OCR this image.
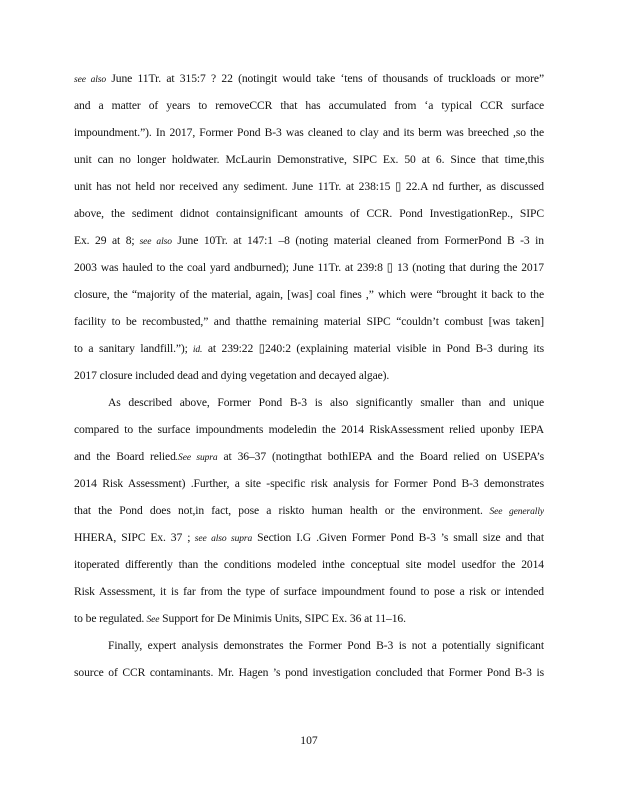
see also June 11Tr. at 315:7 ? 22 (notingit would take ‘tens of thousands of truckloads or more”
and a matter of years to removeCCR that has accumulated from ‘a typical CCR surface
impoundment.”). In 2017, Former Pond B-3 was cleaned to clay and its berm was breeched ,so the
unit can no longer holdwater. McLaurin Demonstrative, SIPC Ex. 50 at 6. Since that time,this
unit has not held nor received any sediment. June 11Tr. at 238:15 ▯ 22.A nd further, as discussed
above, the sediment didnot containsignificant amounts of CCR. Pond InvestigationRep., SIPC
Ex. 29 at 8; see also June 10Tr. at 147:1 –8 (noting material cleaned from FormerPond B -3 in
2003 was hauled to the coal yard andburned); June 11Tr. at 239:8 ▯ 13 (noting that during the 2017
closure, the “majority of the material, again, [was] coal fines ,” which were “brought it back to the
facility to be recombusted,” and thatthe remaining material SIPC “couldn’t combust [was taken]
to a sanitary landfill.”); id. at 239:22 ▯240:2 (explaining material visible in Pond B-3 during its
2017 closure included dead and dying vegetation and decayed algae).
As described above, Former Pond B-3 is also significantly smaller than and unique
compared to the surface impoundments modeledin the 2014 RiskAssessment relied uponby IEPA
and the Board relied.See supra at 36–37 (notingthat bothIEPA and the Board relied on USEPA’s
2014 Risk Assessment) .Further, a site -specific risk analysis for Former Pond B-3 demonstrates
that the Pond does not,in fact, pose a riskto human health or the environment. See generally
HHERA, SIPC Ex. 37 ; see also supra Section I.G .Given Former Pond B-3 ’s small size and that
itoperated differently than the conditions modeled inthe conceptual site model usedfor the 2014
Risk Assessment, it is far from the type of surface impoundment found to pose a risk or intended
to be regulated. See Support for De Minimis Units, SIPC Ex. 36 at 11–16.
Finally, expert analysis demonstrates the Former Pond B-3 is not a potentially significant
source of CCR contaminants. Mr. Hagen ’s pond investigation concluded that Former Pond B-3 is
107
